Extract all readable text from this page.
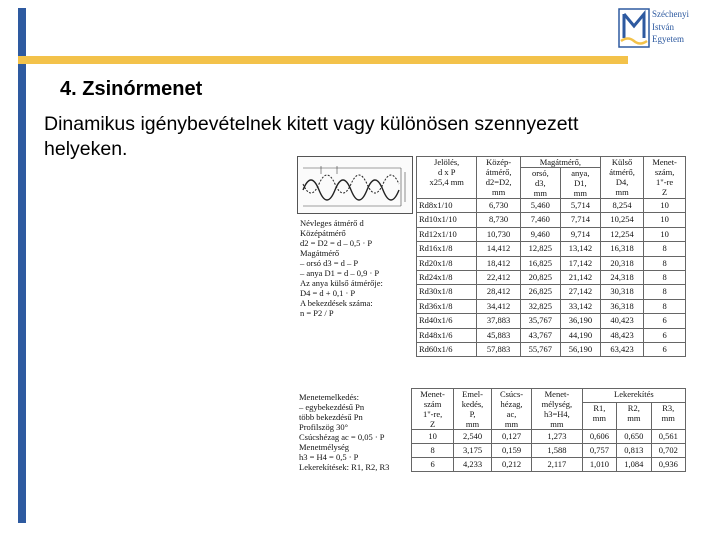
Széchenyi
István
Egyetem
4. Zsinórmenet
Dinamikus igénybevételnek kitett vagy különösen szennyezett helyeken.
Névleges átmérő d
Középátmérő
d2 = D2 = d – 0,5 · P
Magátmérő
– orsó d3 = d – P
– anya D1 = d – 0,9 · P
Az anya külső átmérője:
D4 = d + 0,1 · P
A bekezdések száma:
n = P2 / P
Jelölés,
d x P
x25,4 mm	Közép-
átmérő,
d2=D2,
mm	Magátmérő,		Külső
átmérő,
D4,
mm	Menet-
szám,
1"-re
Z
		orsó,
d3,
mm	anya,
D1,
mm		
Rd8x1/10	6,730	5,460	5,714	8,254	10
Rd10x1/10	8,730	7,460	7,714	10,254	10
Rd12x1/10	10,730	9,460	9,714	12,254	10
Rd16x1/8	14,412	12,825	13,142	16,318	8
Rd20x1/8	18,412	16,825	17,142	20,318	8
Rd24x1/8	22,412	20,825	21,142	24,318	8
Rd30x1/8	28,412	26,825	27,142	30,318	8
Rd36x1/8	34,412	32,825	33,142	36,318	8
Rd40x1/6	37,883	35,767	36,190	40,423	6
Rd48x1/6	45,883	43,767	44,190	48,423	6
Rd60x1/6	57,883	55,767	56,190	63,423	6
Menetemelkedés:
– egybekezdésű Pn
több bekezdésű Pn
Profilszög 30°
Csúcshézag ac = 0,05 · P
Menetmélység
h3 = H4 = 0,5 · P
Lekerekítések: R1, R2, R3
Menet-
szám
1"-re,
Z	Emel-
kedés,
P,
mm	Csúcs-
hézag,
ac,
mm	Menet-
mélység,
h3=H4,
mm	Lekerekítés		
				R1,
mm	R2,
mm	R3,
mm
10	2,540	0,127	1,273	0,606	0,650	0,561
8	3,175	0,159	1,588	0,757	0,813	0,702
6	4,233	0,212	2,117	1,010	1,084	0,936
